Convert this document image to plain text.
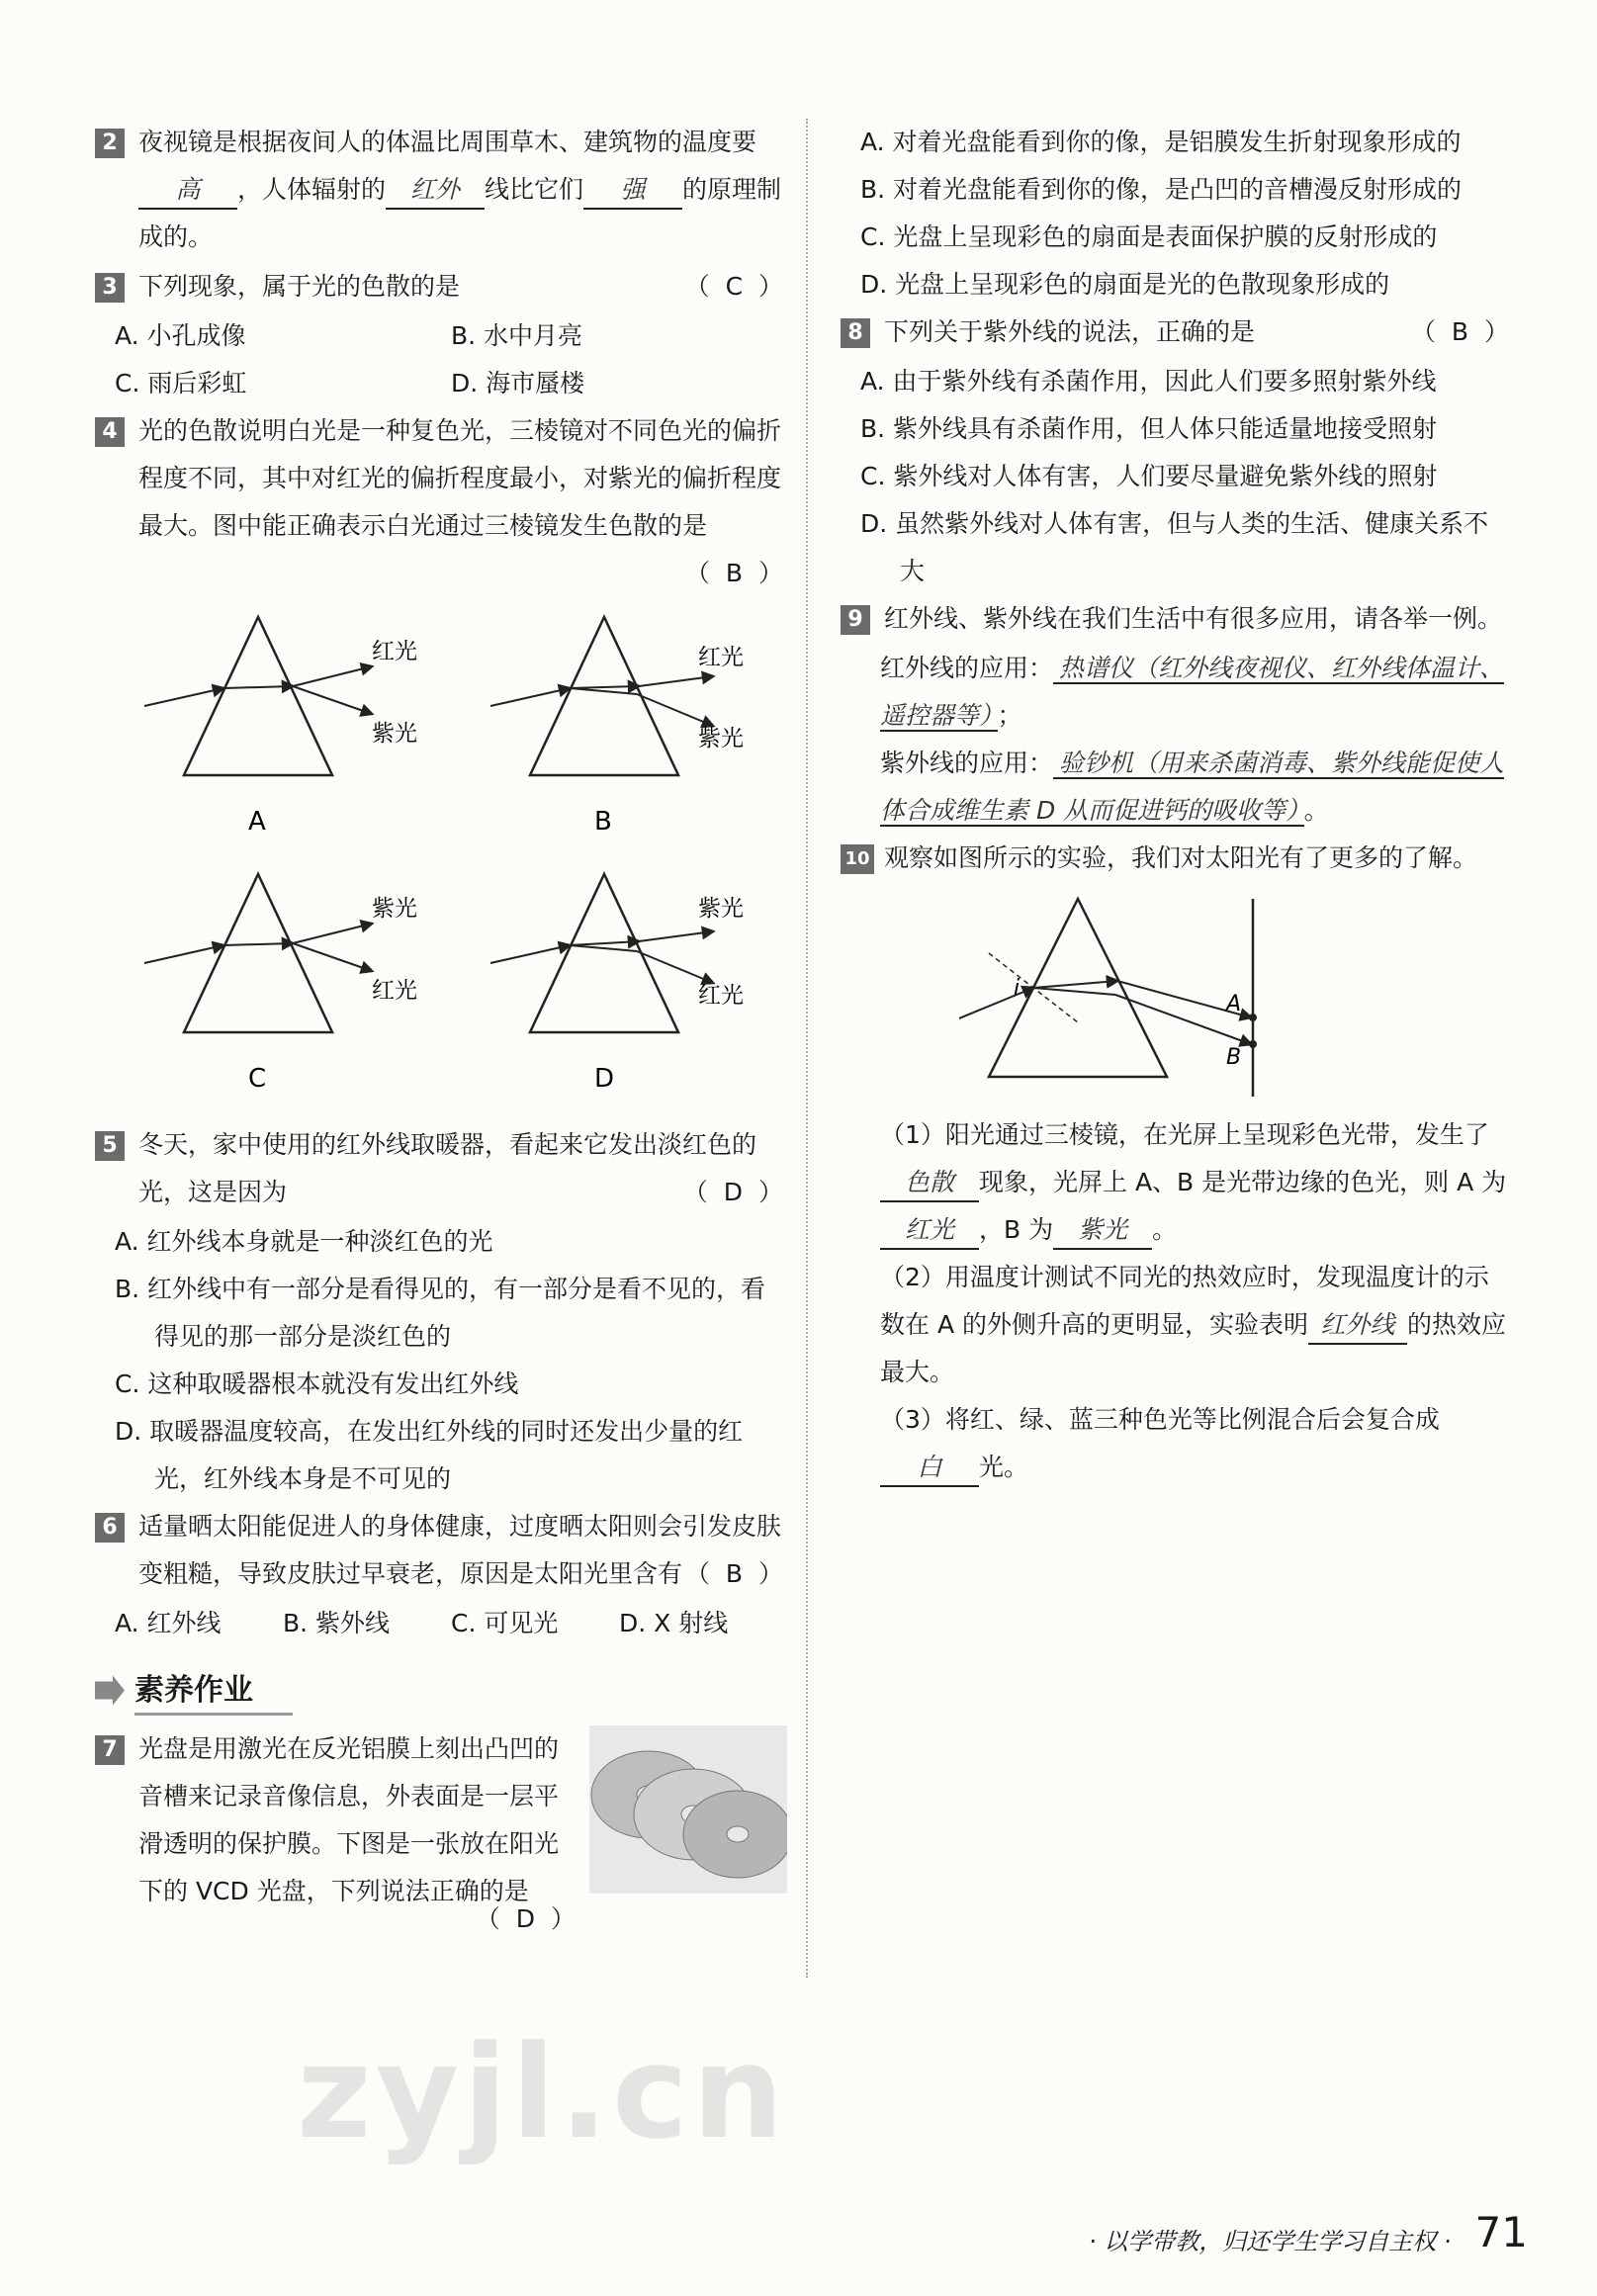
2 夜视镜是根据夜间人的体温比周围草木、建筑物的温度要高 ，人体辐射的 红外 线比它们 强 的原理制成的。
3 下列现象，属于光的色散的是	（ C ）
A. 小孔成像	B. 水中月亮
C. 雨后彩虹	D. 海市蜃楼
4 光的色散说明白光是一种复色光，三棱镜对不同色光的偏折程度不同，其中对红光的偏折程度最小，对紫光的偏折程度最大。图中能正确表示白光通过三棱镜发生色散的是
（ B ）
红光
紫光
A
红光
紫光
B
紫光
红光
C
紫光
红光
D
5 冬天，家中使用的红外线取暖器，看起来它发出淡红色的光，这是因为	（ D ）
A. 红外线本身就是一种淡红色的光
B. 红外线中有一部分是看得见的，有一部分是看不见的，看得见的那一部分是淡红色的
C. 这种取暖器根本就没有发出红外线
D. 取暖器温度较高，在发出红外线的同时还发出少量的红光，红外线本身是不可见的
6 适量晒太阳能促进人的身体健康，过度晒太阳则会引发皮肤变粗糙，导致皮肤过早衰老，原因是太阳光里含有 （ B ）
A. 红外线	B. 紫外线	C. 可见光	D. X 射线
素养作业
7 光盘是用激光在反光铝膜上刻出凸凹的音槽来记录音像信息，外表面是一层平滑透明的保护膜。下图是一张放在阳光下的 VCD 光盘，下列说法正确的是
（ D ）
A. 对着光盘能看到你的像，是铝膜发生折射现象形成的
B. 对着光盘能看到你的像，是凸凹的音槽漫反射形成的
C. 光盘上呈现彩色的扇面是表面保护膜的反射形成的
D. 光盘上呈现彩色的扇面是光的色散现象形成的
8 下列关于紫外线的说法，正确的是	（ B ）
A. 由于紫外线有杀菌作用，因此人们要多照射紫外线
B. 紫外线具有杀菌作用，但人体只能适量地接受照射
C. 紫外线对人体有害，人们要尽量避免紫外线的照射
D. 虽然紫外线对人体有害，但与人类的生活、健康关系不大
9 红外线、紫外线在我们生活中有很多应用，请各举一例。
红外线的应用： 热谱仪（红外线夜视仪、红外线体温计、遥控器等） ；
紫外线的应用： 验钞机（用来杀菌消毒、紫外线能促使人体合成维生素 D 从而促进钙的吸收等） 。
10 观察如图所示的实验，我们对太阳光有了更多的了解。
i
A
B
（1）阳光通过三棱镜，在光屏上呈现彩色光带，发生了色散 现象，光屏上 A、B 是光带边缘的色光，则 A 为红光 ，B 为 紫光 。
（2）用温度计测试不同光的热效应时，发现温度计的示数在 A 的外侧升高的更明显，实验表明 红外线 的热效应最大。
（3）将红、绿、蓝三种色光等比例混合后会复合成白 光。
zyjl.cn
· 以学带教，归还学生学习自主权 · 71
